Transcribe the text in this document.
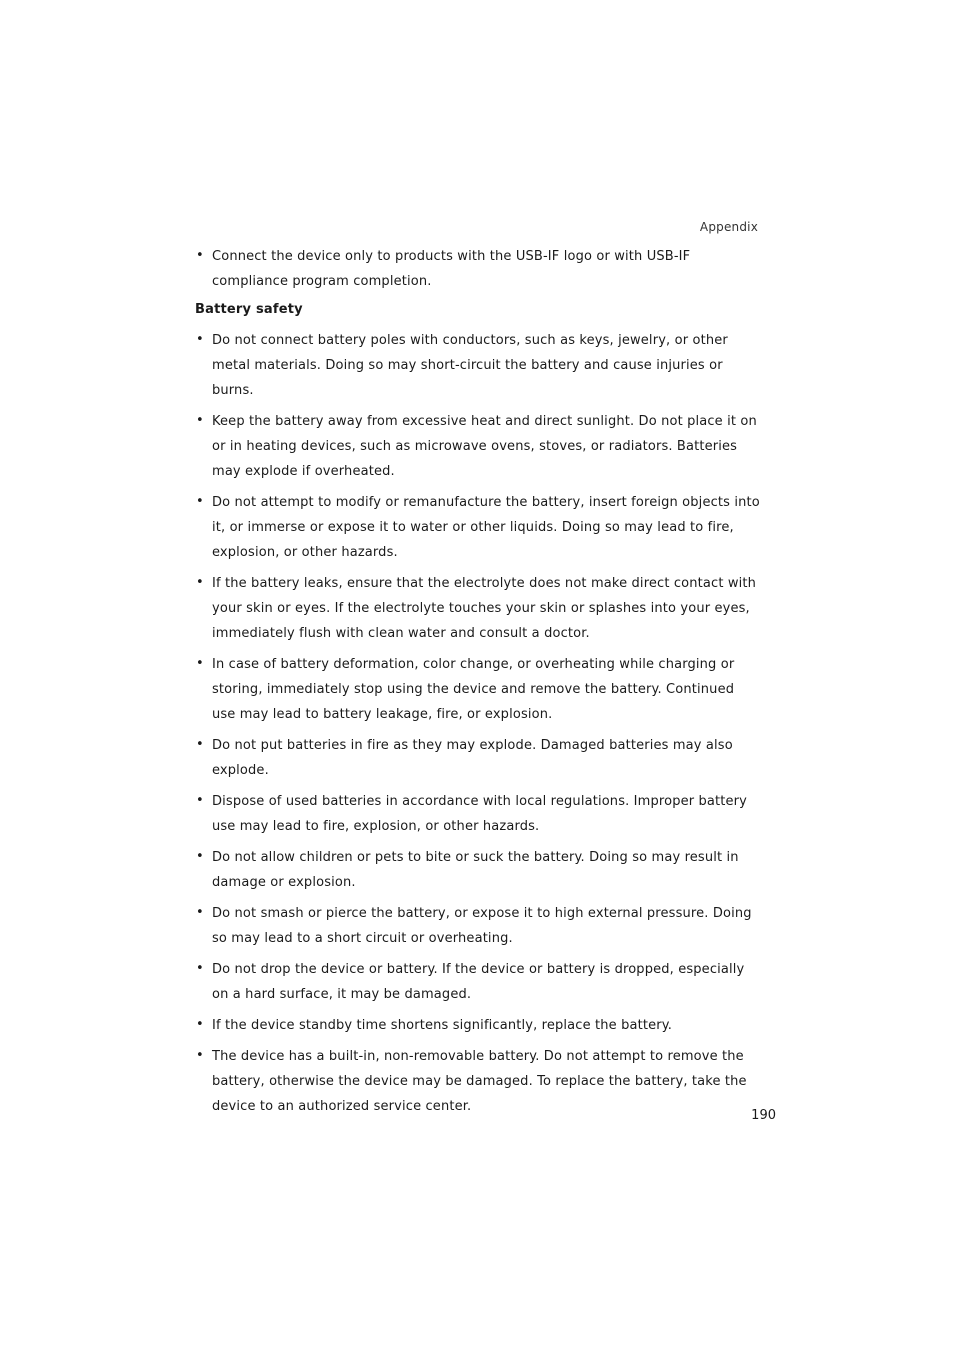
Appendix
• Connect the device only to products with the USB-IF logo or with USB-IF compliance program completion.
Battery safety
• Do not connect battery poles with conductors, such as keys, jewelry, or other metal materials. Doing so may short-circuit the battery and cause injuries or burns.
• Keep the battery away from excessive heat and direct sunlight. Do not place it on or in heating devices, such as microwave ovens, stoves, or radiators. Batteries may explode if overheated.
• Do not attempt to modify or remanufacture the battery, insert foreign objects into it, or immerse or expose it to water or other liquids. Doing so may lead to fire, explosion, or other hazards.
• If the battery leaks, ensure that the electrolyte does not make direct contact with your skin or eyes. If the electrolyte touches your skin or splashes into your eyes, immediately flush with clean water and consult a doctor.
• In case of battery deformation, color change, or overheating while charging or storing, immediately stop using the device and remove the battery. Continued use may lead to battery leakage, fire, or explosion.
• Do not put batteries in fire as they may explode. Damaged batteries may also explode.
• Dispose of used batteries in accordance with local regulations. Improper battery use may lead to fire, explosion, or other hazards.
• Do not allow children or pets to bite or suck the battery. Doing so may result in damage or explosion.
• Do not smash or pierce the battery, or expose it to high external pressure. Doing so may lead to a short circuit or overheating.
• Do not drop the device or battery. If the device or battery is dropped, especially on a hard surface, it may be damaged.
• If the device standby time shortens significantly, replace the battery.
• The device has a built-in, non-removable battery. Do not attempt to remove the battery, otherwise the device may be damaged. To replace the battery, take the device to an authorized service center.
190
